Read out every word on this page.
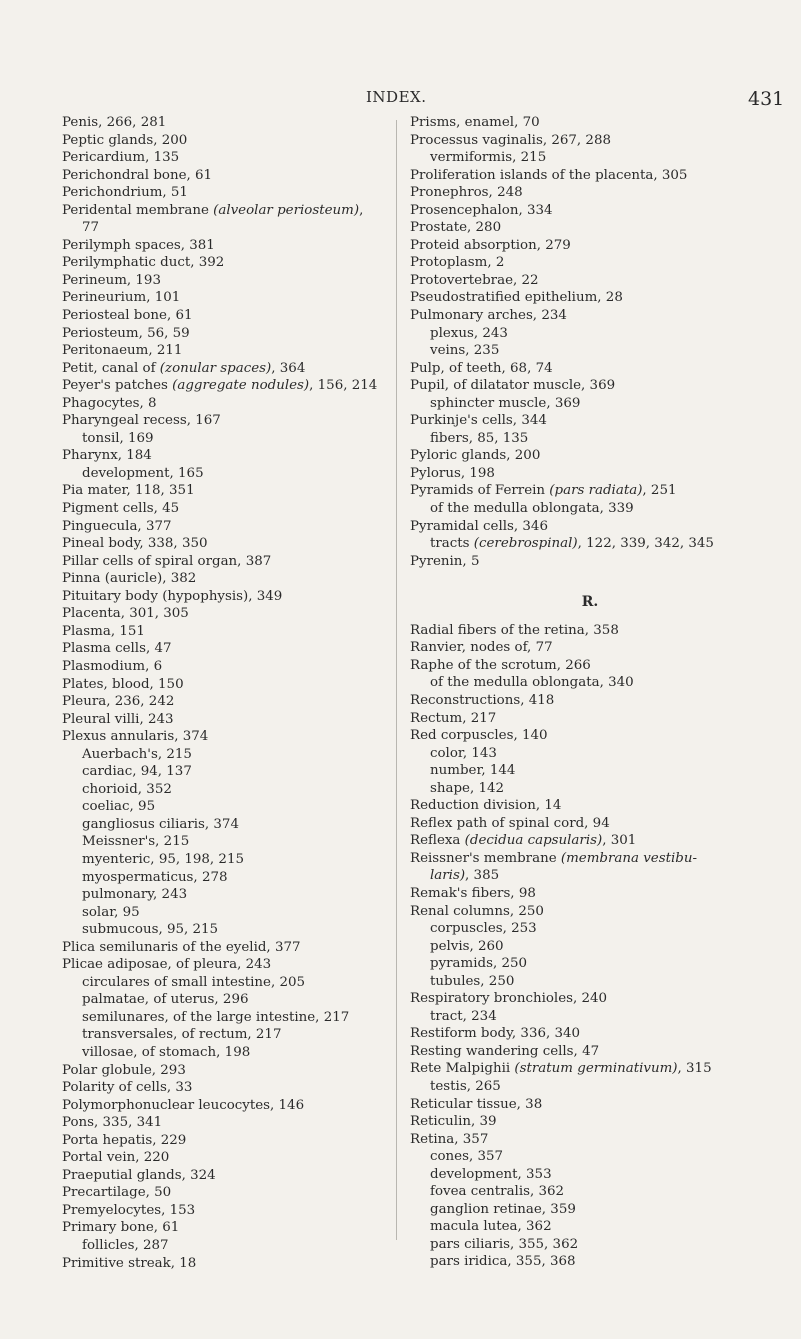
INDEX.	431
Penis, 266, 281
Peptic glands, 200
Pericardium, 135
Perichondral bone, 61
Perichondrium, 51
Peridental membrane (alveolar periosteum),
77
Perilymph spaces, 381
Perilymphatic duct, 392
Perineum, 193
Perineurium, 101
Periosteal bone, 61
Periosteum, 56, 59
Peritonaeum, 211
Petit, canal of (zonular spaces), 364
Peyer's patches (aggregate nodules), 156, 214
Phagocytes, 8
Pharyngeal recess, 167
tonsil, 169
Pharynx, 184
development, 165
Pia mater, 118, 351
Pigment cells, 45
Pinguecula, 377
Pineal body, 338, 350
Pillar cells of spiral organ, 387
Pinna (auricle), 382
Pituitary body (hypophysis), 349
Placenta, 301, 305
Plasma, 151
Plasma cells, 47
Plasmodium, 6
Plates, blood, 150
Pleura, 236, 242
Pleural villi, 243
Plexus annularis, 374
Auerbach's, 215
cardiac, 94, 137
chorioid, 352
coeliac, 95
gangliosus ciliaris, 374
Meissner's, 215
myenteric, 95, 198, 215
myospermaticus, 278
pulmonary, 243
solar, 95
submucous, 95, 215
Plica semilunaris of the eyelid, 377
Plicae adiposae, of pleura, 243
circulares of small intestine, 205
palmatae, of uterus, 296
semilunares, of the large intestine, 217
transversales, of rectum, 217
villosae, of stomach, 198
Polar globule, 293
Polarity of cells, 33
Polymorphonuclear leucocytes, 146
Pons, 335, 341
Porta hepatis, 229
Portal vein, 220
Praeputial glands, 324
Precartilage, 50
Premyelocytes, 153
Primary bone, 61
follicles, 287
Primitive streak, 18
Prisms, enamel, 70
Processus vaginalis, 267, 288
vermiformis, 215
Proliferation islands of the placenta, 305
Pronephros, 248
Prosencephalon, 334
Prostate, 280
Proteid absorption, 279
Protoplasm, 2
Protovertebrae, 22
Pseudostratified epithelium, 28
Pulmonary arches, 234
plexus, 243
veins, 235
Pulp, of teeth, 68, 74
Pupil, of dilatator muscle, 369
sphincter muscle, 369
Purkinje's cells, 344
fibers, 85, 135
Pyloric glands, 200
Pylorus, 198
Pyramids of Ferrein (pars radiata), 251
of the medulla oblongata, 339
Pyramidal cells, 346
tracts (cerebrospinal), 122, 339, 342, 345
Pyrenin, 5
R.
Radial fibers of the retina, 358
Ranvier, nodes of, 77
Raphe of the scrotum, 266
of the medulla oblongata, 340
Reconstructions, 418
Rectum, 217
Red corpuscles, 140
color, 143
number, 144
shape, 142
Reduction division, 14
Reflex path of spinal cord, 94
Reflexa (decidua capsularis), 301
Reissner's membrane (membrana vestibu-
laris), 385
Remak's fibers, 98
Renal columns, 250
corpuscles, 253
pelvis, 260
pyramids, 250
tubules, 250
Respiratory bronchioles, 240
tract, 234
Restiform body, 336, 340
Resting wandering cells, 47
Rete Malpighii (stratum germinativum), 315
testis, 265
Reticular tissue, 38
Reticulin, 39
Retina, 357
cones, 357
development, 353
fovea centralis, 362
ganglion retinae, 359
macula lutea, 362
pars ciliaris, 355, 362
pars iridica, 355, 368
